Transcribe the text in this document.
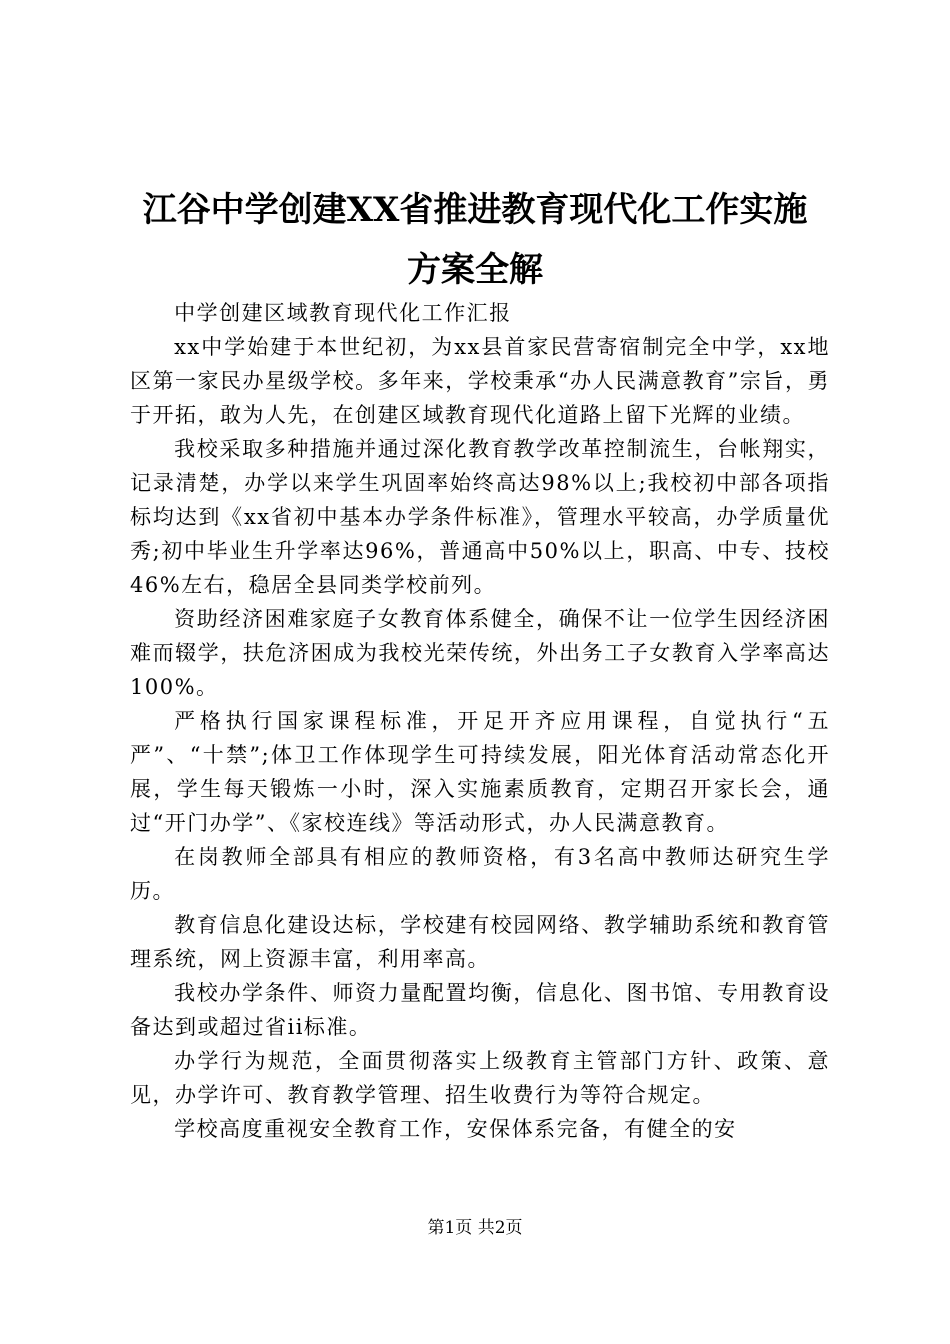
江谷中学创建XX省推进教育现代化工作实施
方案全解

中学创建区域教育现代化工作汇报

xx中学始建于本世纪初，为xx县首家民营寄宿制完全中学，xx地区第一家民办星级学校。多年来，学校秉承“办人民满意教育”宗旨，勇于开拓，敢为人先，在创建区域教育现代化道路上留下光辉的业绩。

我校采取多种措施并通过深化教育教学改革控制流生，台帐翔实，记录清楚，办学以来学生巩固率始终高达98%以上;我校初中部各项指标均达到《xx省初中基本办学条件标准》，管理水平较高，办学质量优秀;初中毕业生升学率达96%，普通高中50%以上，职高、中专、技校46%左右，稳居全县同类学校前列。

资助经济困难家庭子女教育体系健全，确保不让一位学生因经济困难而辍学，扶危济困成为我校光荣传统，外出务工子女教育入学率高达100%。

严格执行国家课程标准，开足开齐应用课程，自觉执行“五严”、“十禁”;体卫工作体现学生可持续发展，阳光体育活动常态化开展，学生每天锻炼一小时，深入实施素质教育，定期召开家长会，通过“开门办学”、《家校连线》等活动形式，办人民满意教育。

在岗教师全部具有相应的教师资格，有3名高中教师达研究生学历。

教育信息化建设达标，学校建有校园网络、教学辅助系统和教育管理系统，网上资源丰富，利用率高。

我校办学条件、师资力量配置均衡，信息化、图书馆、专用教育设备达到或超过省ii标准。

办学行为规范，全面贯彻落实上级教育主管部门方针、政策、意见，办学许可、教育教学管理、招生收费行为等符合规定。

学校高度重视安全教育工作，安保体系完备，有健全的安

第1页 共2页
